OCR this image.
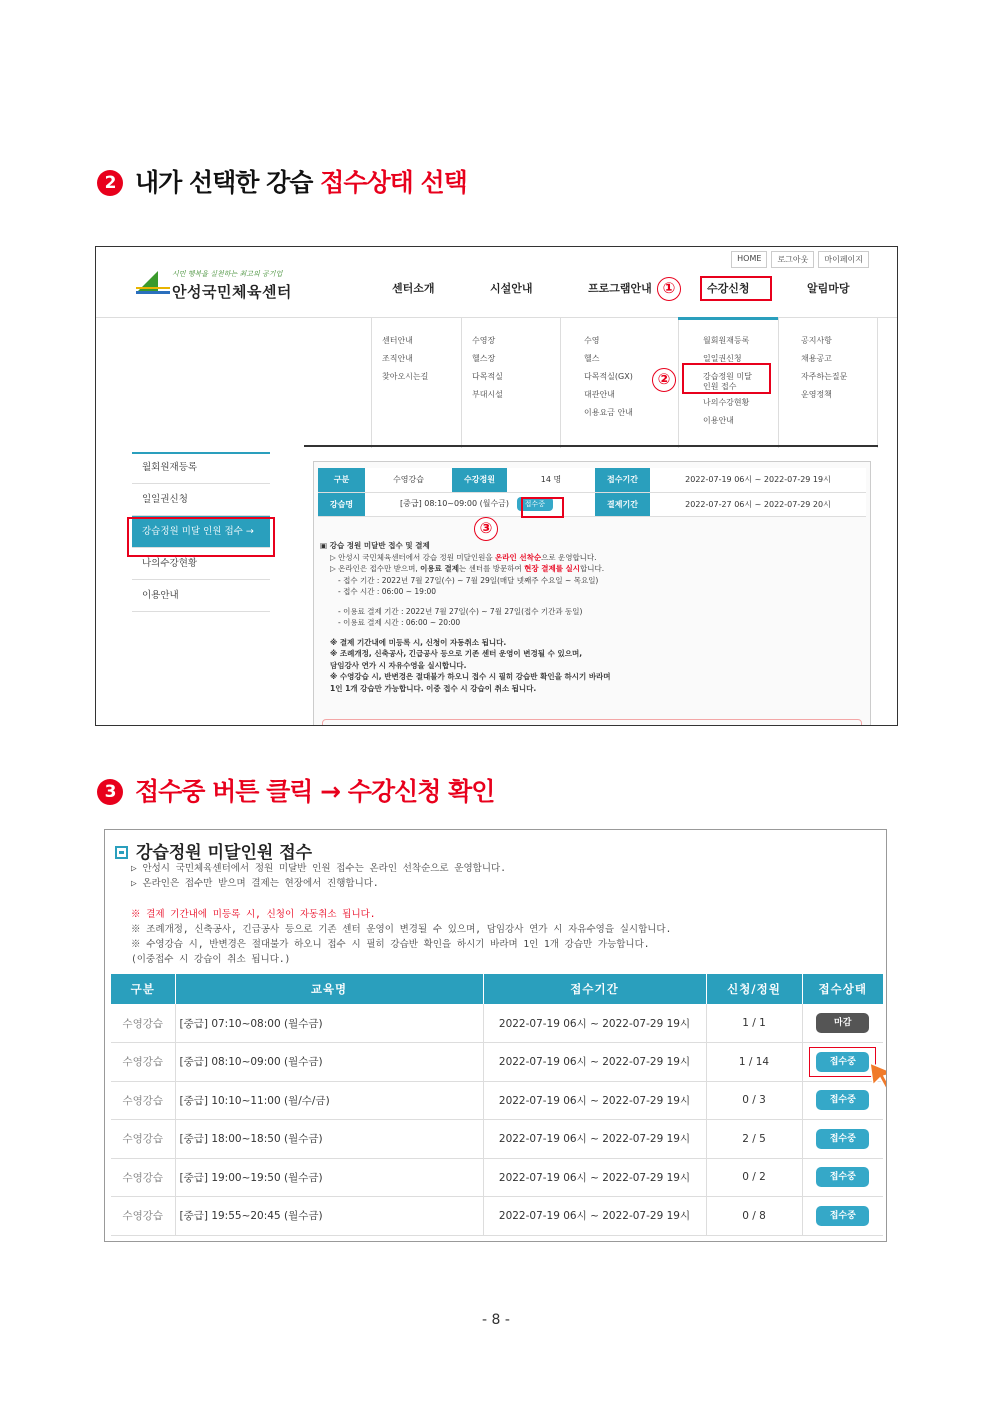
2 내가 선택한 강습 접수상태 선택
HOME	로그아웃	마이페이지
시민 행복을 실천하는 최고의 공기업
안성국민체육센터	센터소개	시설안내	프로그램안내	수강신청	알림마당
①
센터안내
조직안내
찾아오시는길
수영장
헬스장
다목적실
부대시설
수영
헬스
다목적실(GX)
대관안내
이용요금 안내
월회원재등록
일일권신청
강습정원 미달
인원 접수
나의수강현황
이용안내
공지사항
채용공고
자주하는질문
운영정책
②
월회원재등록
일일권신청
강습정원 미달 인원 접수 →
나의수강현황
이용안내
구분	수영강습	수강정원	14 명	접수기간	2022-07-19 06시 ~ 2022-07-29 19시
강습명	[중급] 08:10~09:00 (월수금) 접수중			결제기간	2022-07-27 06시 ~ 2022-07-29 20시
③
▣ 강습 정원 미달반 접수 및 결제
▷ 안성시 국민체육센터에서 강습 정원 미달인원을 온라인 선착순으로 운영합니다.
▷ 온라인은 접수만 받으며, 이용료 결제는 센터를 방문하여 현장 결제를 실시합니다.
- 접수 기간 : 2022년 7월 27일(수) ~ 7월 29일(매달 넷째주 수요일 ~ 목요일)
- 접수 시간 : 06:00 ~ 19:00
- 이용료 결제 기간 : 2022년 7월 27일(수) ~ 7월 27일(접수 기간과 동일)
- 이용료 결제 시간 : 06:00 ~ 20:00
※ 결제 기간내에 미등록 시, 신청이 자동취소 됩니다.
※ 조례개정, 신축공사, 긴급공사 등으로 기존 센터 운영이 변경될 수 있으며,
담임강사 연가 시 자유수영을 실시합니다.
※ 수영강습 시, 반변경은 절대불가 하오니 접수 시 필히 강습반 확인을 하시기 바라며
1인 1개 강습만 가능합니다. 이중 접수 시 강습이 취소 됩니다.
3 접수중 버튼 클릭 → 수강신청 확인
강습정원 미달인원 접수
▷ 안성시 국민체육센터에서 정원 미달반 인원 접수는 온라인 선착순으로 운영합니다.
▷ 온라인은 접수만 받으며 결제는 현장에서 진행합니다.
※ 결제 기간내에 미등록 시, 신청이 자동취소 됩니다.
※ 조례개정, 신축공사, 긴급공사 등으로 기존 센터 운영이 변경될 수 있으며, 담임강사 연가 시 자유수영을 실시합니다.
※ 수영강습 시, 반변경은 절대불가 하오니 접수 시 필히 강습반 확인을 하시기 바라며 1인 1개 강습만 가능합니다.
(이중접수 시 강습이 취소 됩니다.)
구분	교육명	접수기간	신청/정원	접수상태
수영강습	[중급] 07:10~08:00 (월수금)	2022-07-19 06시 ~ 2022-07-29 19시	1 / 1	마감
수영강습	[중급] 08:10~09:00 (월수금)	2022-07-19 06시 ~ 2022-07-29 19시	1 / 14	접수중

수영강습	[중급] 10:10~11:00 (월/수/금)	2022-07-19 06시 ~ 2022-07-29 19시	0 / 3	접수중
수영강습	[중급] 18:00~18:50 (월수금)	2022-07-19 06시 ~ 2022-07-29 19시	2 / 5	접수중
수영강습	[중급] 19:00~19:50 (월수금)	2022-07-19 06시 ~ 2022-07-29 19시	0 / 2	접수중
수영강습	[중급] 19:55~20:45 (월수금)	2022-07-19 06시 ~ 2022-07-29 19시	0 / 8	접수중
- 8 -
